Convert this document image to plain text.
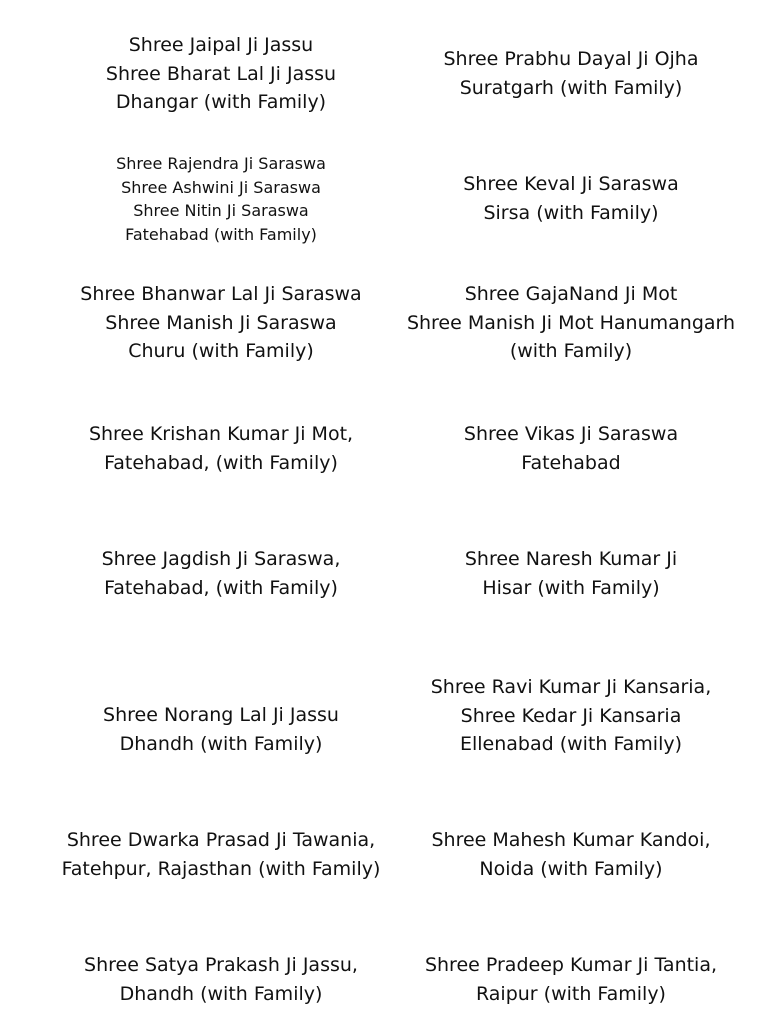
Shree Jaipal Ji Jassu
Shree Bharat Lal Ji Jassu
Dhangar (with Family)
Shree Prabhu Dayal Ji Ojha
Suratgarh (with Family)
Shree Rajendra Ji Saraswa
Shree Ashwini Ji Saraswa
Shree Nitin Ji Saraswa
Fatehabad (with Family)
Shree Keval Ji Saraswa
Sirsa (with Family)
Shree Bhanwar Lal Ji Saraswa
Shree Manish Ji Saraswa
Churu (with Family)
Shree GajaNand Ji Mot
Shree Manish Ji Mot Hanumangarh
(with Family)
Shree Krishan Kumar Ji Mot,
Fatehabad, (with Family)
Shree Vikas Ji Saraswa
Fatehabad
Shree Jagdish Ji Saraswa,
Fatehabad, (with Family)
Shree Naresh Kumar Ji
Hisar (with Family)
Shree Norang Lal Ji Jassu
Dhandh (with Family)
Shree Ravi Kumar Ji Kansaria,
Shree Kedar Ji Kansaria
Ellenabad (with Family)
Shree Dwarka Prasad Ji Tawania,
Fatehpur, Rajasthan (with Family)
Shree Mahesh Kumar Kandoi,
Noida (with Family)
Shree Satya Prakash Ji Jassu,
Dhandh (with Family)
Shree Pradeep Kumar Ji Tantia,
Raipur (with Family)
